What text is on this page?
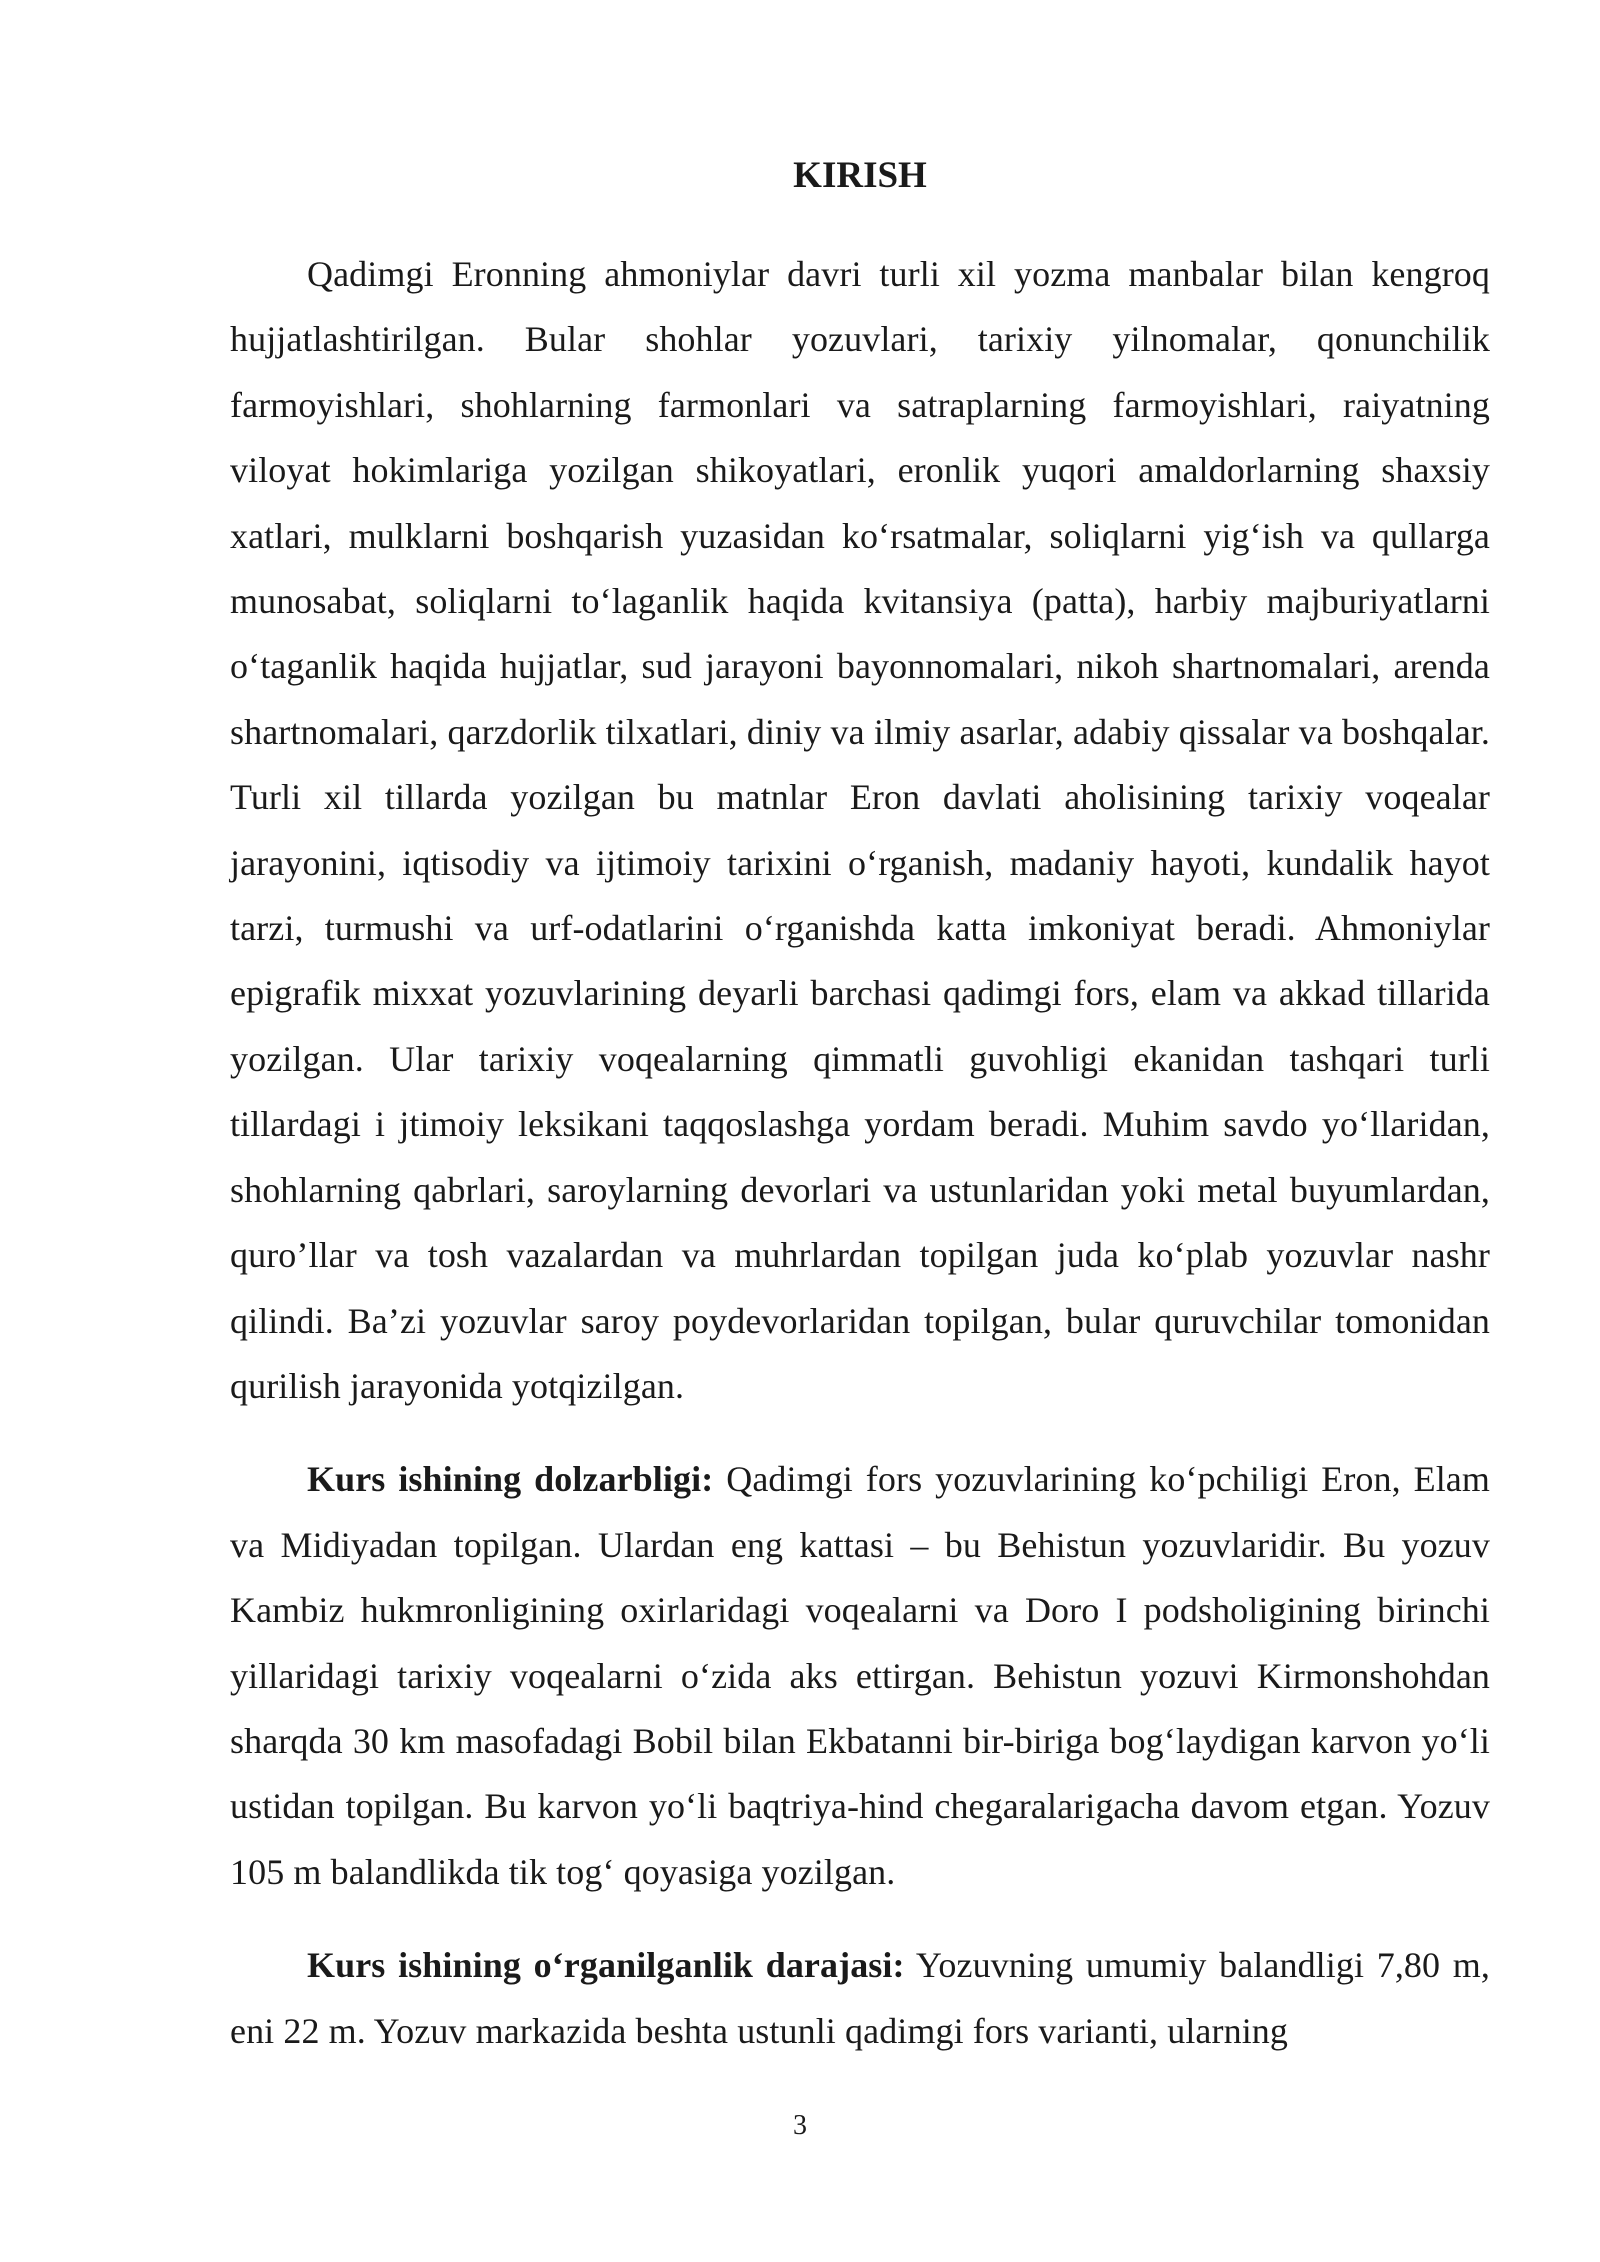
KIRISH

Qadimgi Eronning ahmoniylar davri turli xil yozma manbalar bilan kengroq hujjatlashtirilgan. Bular shohlar yozuvlari, tarixiy yilnomalar, qonunchilik farmoyishlari, shohlarning farmonlari va satraplarning farmoyishlari, raiyatning viloyat hokimlariga yozilgan shikoyatlari, eronlik yuqori amaldorlarning shaxsiy xatlari, mulklarni boshqarish yuzasidan ko‘rsatmalar, soliqlarni yig‘ish va qullarga munosabat, soliqlarni to‘laganlik haqida kvitansiya (patta), harbiy majburiyatlarni o‘taganlik haqida hujjatlar, sud jarayoni bayonnomalari, nikoh shartnomalari, arenda shartnomalari, qarzdorlik tilxatlari, diniy va ilmiy asarlar, adabiy qissalar va boshqalar. Turli xil tillarda yozilgan bu matnlar Eron davlati aholisining tarixiy voqealar jarayonini, iqtisodiy va ijtimoiy tarixini o‘rganish, madaniy hayoti, kundalik hayot tarzi, turmushi va urf-odatlarini o‘rganishda katta imkoniyat beradi. Ahmoniylar epigrafik mixxat yozuvlarining deyarli barchasi qadimgi fors, elam va akkad tillarida yozilgan. Ular tarixiy voqealarning qimmatli guvohligi ekanidan tashqari turli tillardagi i jtimoiy leksikani taqqoslashga yordam beradi. Muhim savdo yo‘llaridan, shohlarning qabrlari, saroylarning devorlari va ustunlaridan yoki metal buyumlardan, quro’llar va tosh vazalardan va muhrlardan topilgan juda ko‘plab yozuvlar nashr qilindi. Ba’zi yozuvlar saroy poydevorlaridan topilgan, bular quruvchilar tomonidan qurilish jarayonida yotqizilgan.

Kurs ishining dolzarbligi: Qadimgi fors yozuvlarining ko‘pchiligi Eron, Elam va Midiyadan topilgan. Ulardan eng kattasi – bu Behistun yozuvlaridir. Bu yozuv Kambiz hukmronligining oxirlaridagi voqealarni va Doro I podsholigining birinchi yillaridagi tarixiy voqealarni o‘zida aks ettirgan. Behistun yozuvi Kirmonshohdan sharqda 30 km masofadagi Bobil bilan Ekbatanni bir-biriga bog‘laydigan karvon yo‘li ustidan topilgan. Bu karvon yo‘li baqtriya-hind chegaralarigacha davom etgan. Yozuv 105 m balandlikda tik tog‘ qoyasiga yozilgan.

Kurs ishining o‘rganilganlik darajasi: Yozuvning umumiy balandligi 7,80 m, eni 22 m. Yozuv markazida beshta ustunli qadimgi fors varianti, ularning

3
